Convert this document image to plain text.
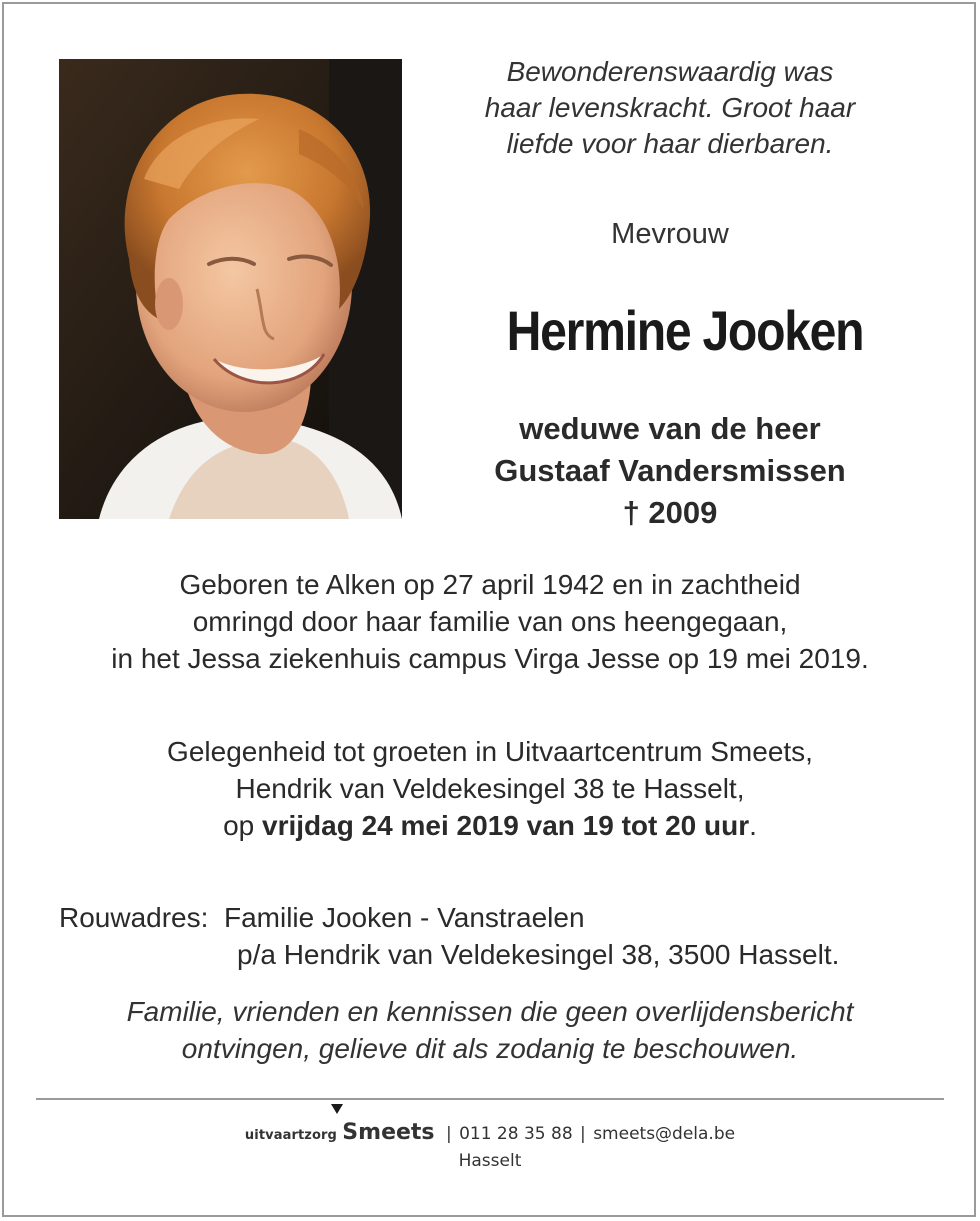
Bewonderenswaardig was
haar levenskracht. Groot haar
liefde voor haar dierbaren.
Mevrouw
Hermine Jooken
weduwe van de heer
Gustaaf Vandersmissen
† 2009
Geboren te Alken op 27 april 1942 en in zachtheid
omringd door haar familie van ons heengegaan,
in het Jessa ziekenhuis campus Virga Jesse op 19 mei 2019.
Gelegenheid tot groeten in Uitvaartcentrum Smeets,
Hendrik van Veldekesingel 38 te Hasselt,
op vrijdag 24 mei 2019 van 19 tot 20 uur.
Rouwadres: Familie Jooken - Vanstraelen
p/a Hendrik van Veldekesingel 38, 3500 Hasselt.
Familie, vrienden en kennissen die geen overlijdensbericht
ontvingen, gelieve dit als zodanig te beschouwen.
uitvaartzorg Smeets | 011 28 35 88 | smeets@dela.be
Hasselt
